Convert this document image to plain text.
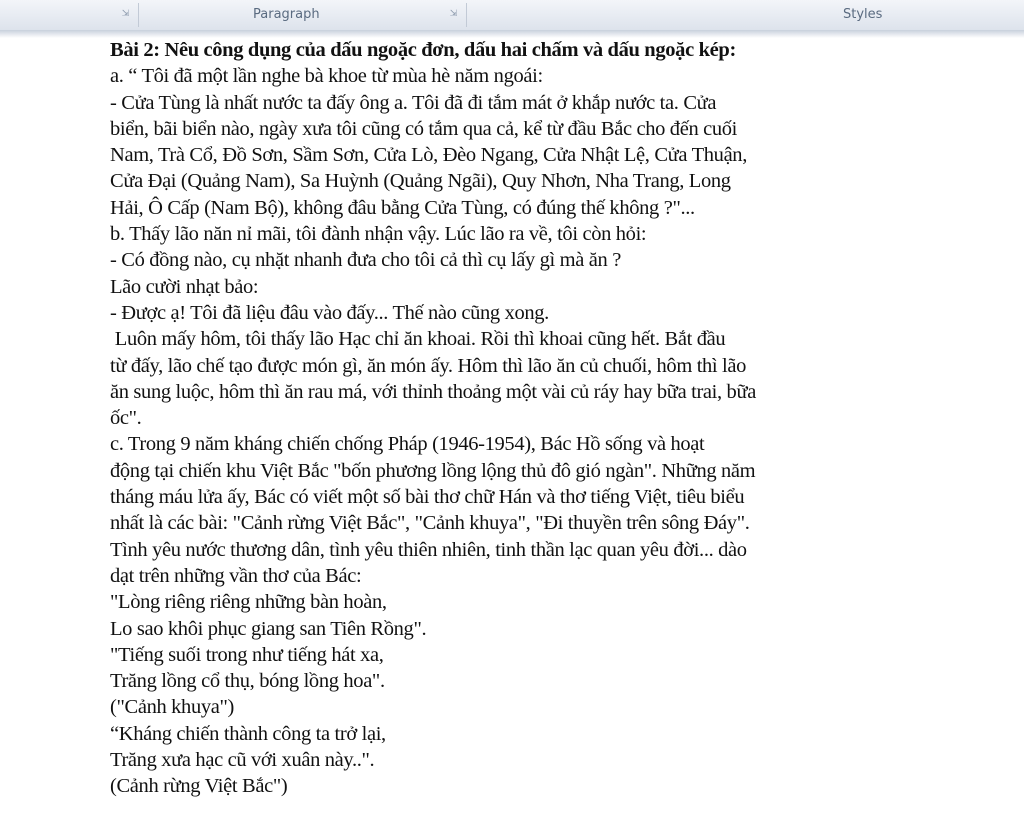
⇲	Paragraph	⇲	Styles

Bài 2: Nêu công dụng của dấu ngoặc đơn, dấu hai chấm và dấu ngoặc kép:

a. “ Tôi đã một lần nghe bà khoe từ mùa hè năm ngoái:

- Cửa Tùng là nhất nước ta đấy ông a. Tôi đã đi tắm mát ở khắp nước ta. Cửa

biển, bãi biển nào, ngày xưa tôi cũng có tắm qua cả, kể từ đầu Bắc cho đến cuối

Nam, Trà Cổ, Đồ Sơn, Sầm Sơn, Cửa Lò, Đèo Ngang, Cửa Nhật Lệ, Cửa Thuận,

Cửa Đại (Quảng Nam), Sa Huỳnh (Quảng Ngãi), Quy Nhơn, Nha Trang, Long

Hải, Ô Cấp (Nam Bộ), không đâu bằng Cửa Tùng, có đúng thế không ?"...

b. Thấy lão năn nỉ mãi, tôi đành nhận vậy. Lúc lão ra về, tôi còn hỏi:

- Có đồng nào, cụ nhặt nhanh đưa cho tôi cả thì cụ lấy gì mà ăn ?

Lão cười nhạt bảo:

- Được ạ! Tôi đã liệu đâu vào đấy... Thế nào cũng xong.

Luôn mấy hôm, tôi thấy lão Hạc chỉ ăn khoai. Rồi thì khoai cũng hết. Bắt đầu

từ đấy, lão chế tạo được món gì, ăn món ấy. Hôm thì lão ăn củ chuối, hôm thì lão

ăn sung luộc, hôm thì ăn rau má, với thỉnh thoảng một vài củ ráy hay bữa trai, bữa

ốc".

c. Trong 9 năm kháng chiến chống Pháp (1946-1954), Bác Hồ sống và hoạt

động tại chiến khu Việt Bắc "bốn phương lồng lộng thủ đô gió ngàn". Những năm

tháng máu lửa ấy, Bác có viết một số bài thơ chữ Hán và thơ tiếng Việt, tiêu biểu

nhất là các bài: "Cảnh rừng Việt Bắc", "Cảnh khuya", "Đi thuyền trên sông Đáy".

Tình yêu nước thương dân, tình yêu thiên nhiên, tinh thần lạc quan yêu đời... dào

dạt trên những vần thơ của Bác:

"Lòng riêng riêng những bàn hoàn,

Lo sao khôi phục giang san Tiên Rồng".

"Tiếng suối trong như tiếng hát xa,

Trăng lồng cổ thụ, bóng lồng hoa".

("Cảnh khuya")

“Kháng chiến thành công ta trở lại,

Trăng xưa hạc cũ với xuân này..".

(Cảnh rừng Việt Bắc")
